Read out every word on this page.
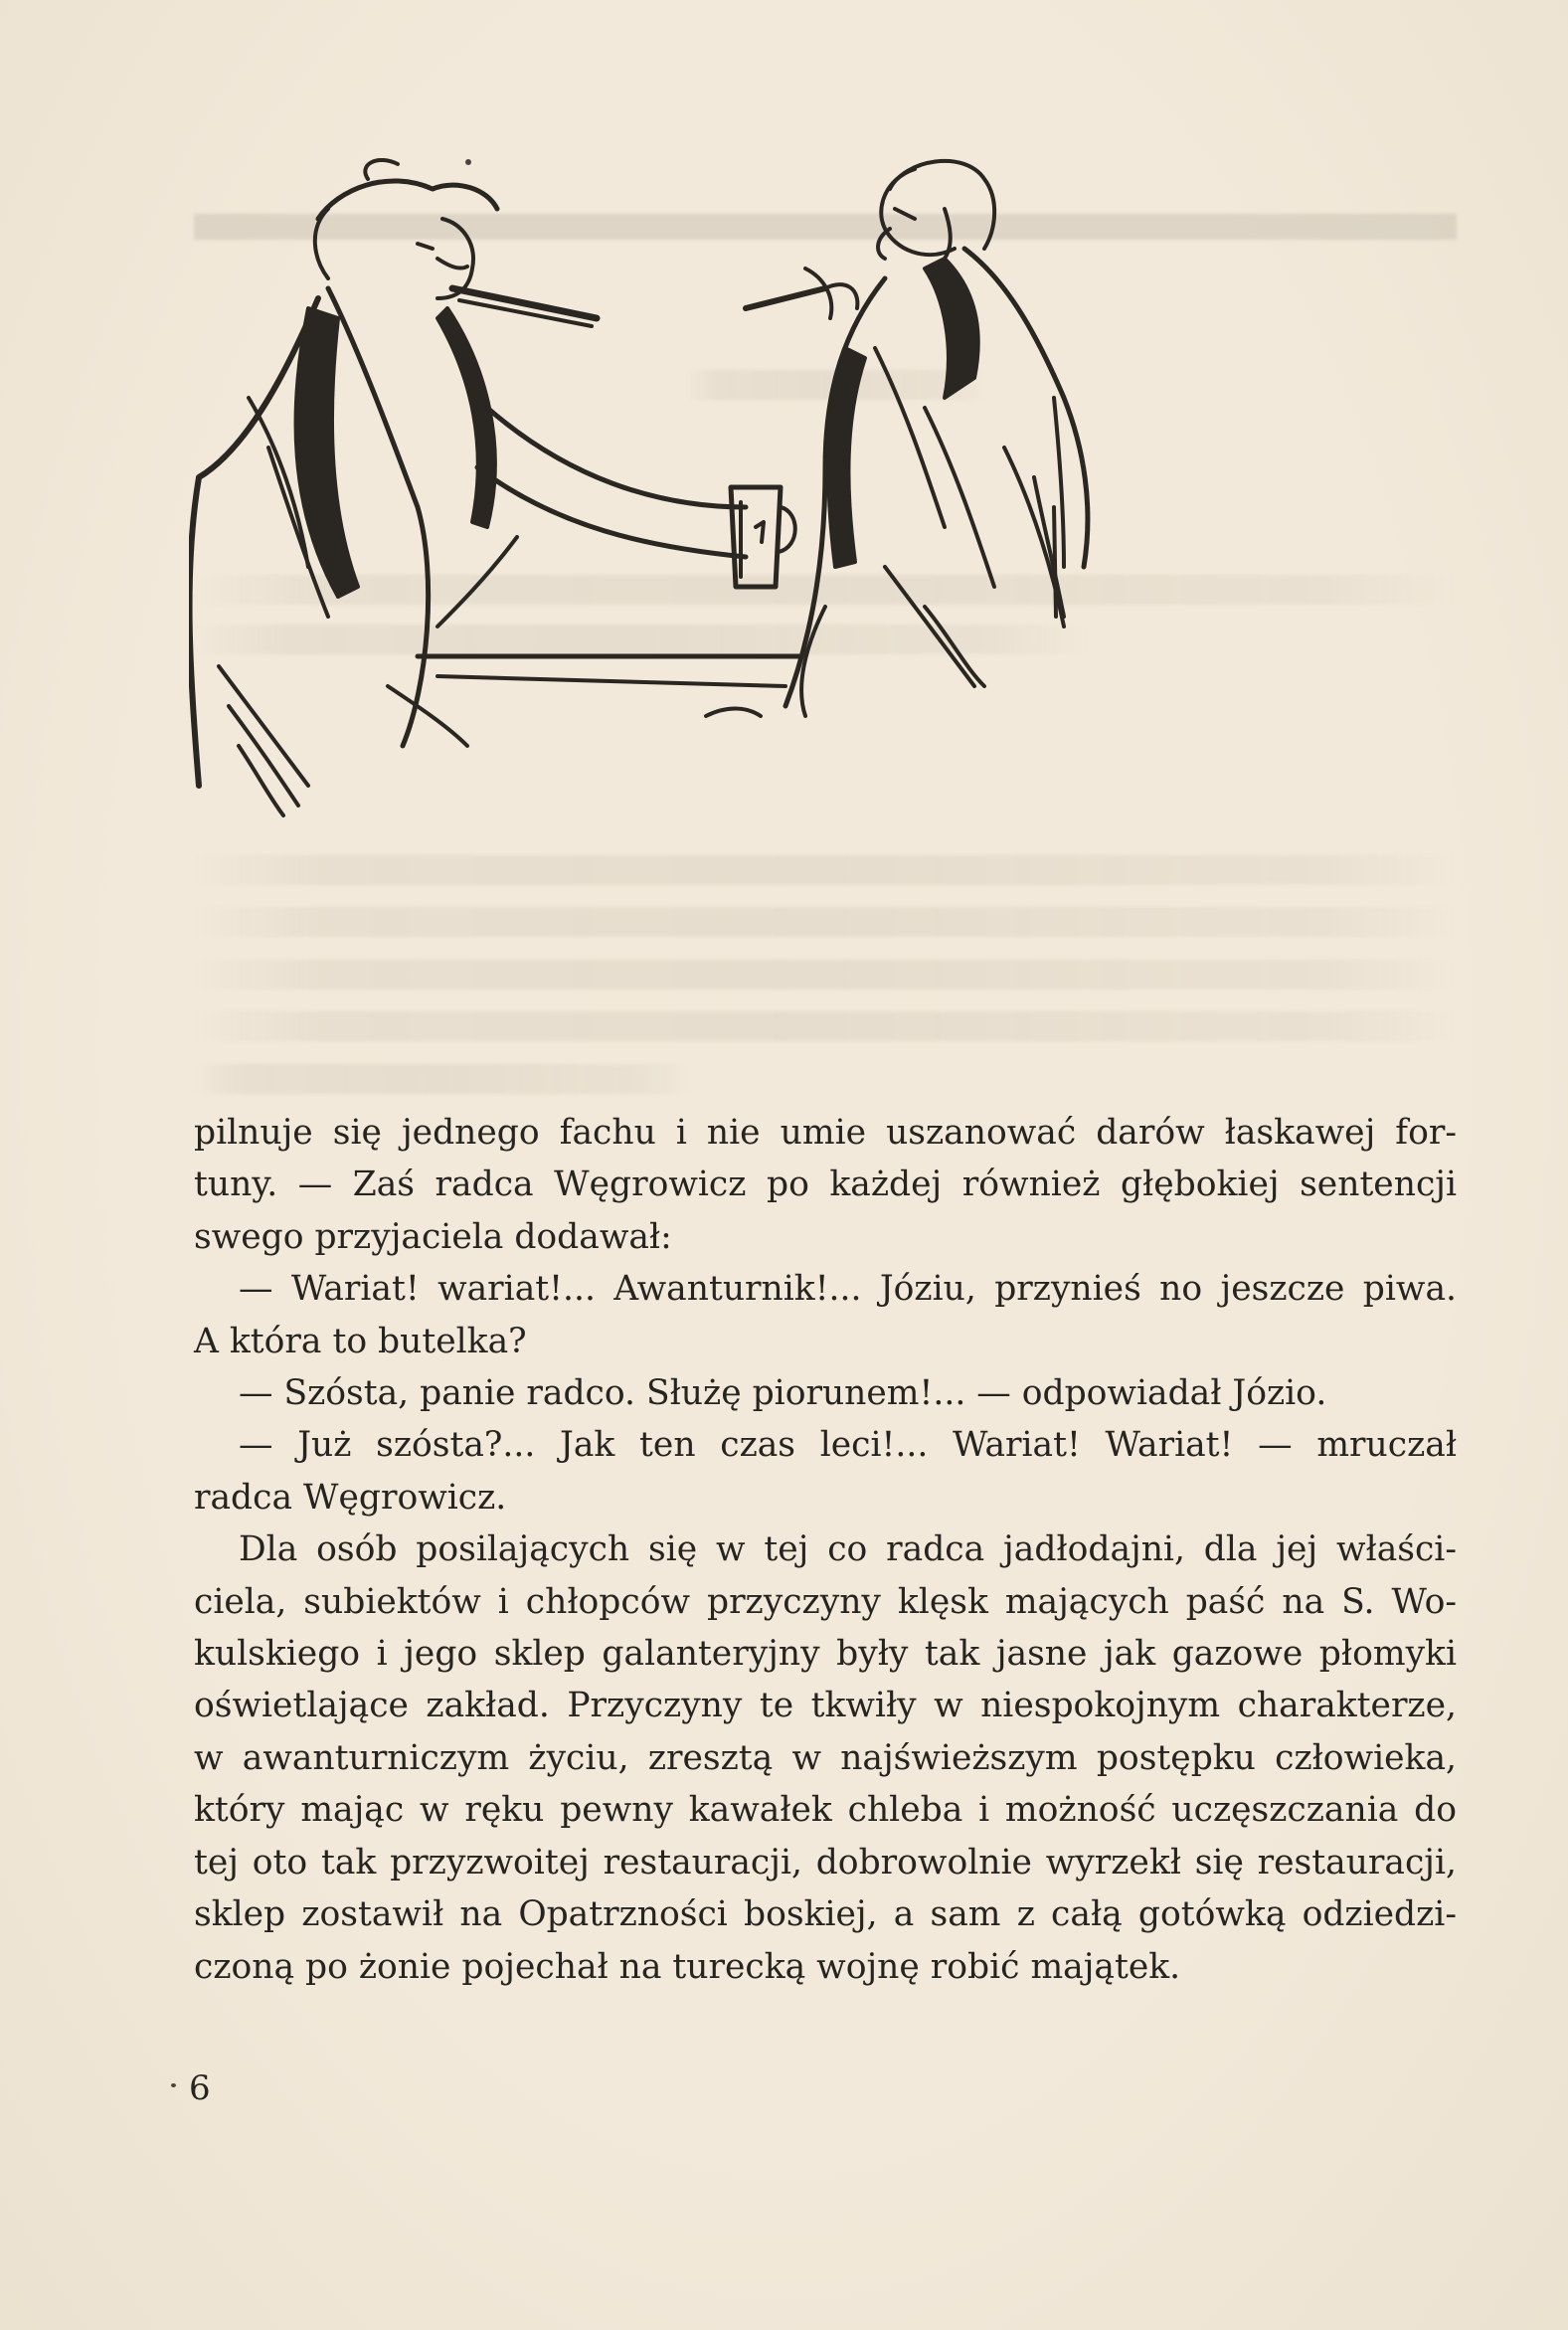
pilnuje się jednego fachu i nie umie uszanować darów łaskawej for-

tuny. — Zaś radca Węgrowicz po każdej również głębokiej sentencji

swego przyjaciela dodawał:

— Wariat! wariat!... Awanturnik!... Józiu, przynieś no jeszcze piwa.

A która to butelka?

— Szósta, panie radco. Służę piorunem!... — odpowiadał Józio.

— Już szósta?... Jak ten czas leci!... Wariat! Wariat! — mruczał

radca Węgrowicz.

Dla osób posilających się w tej co radca jadłodajni, dla jej właści-

ciela, subiektów i chłopców przyczyny klęsk mających paść na S. Wo-

kulskiego i jego sklep galanteryjny były tak jasne jak gazowe płomyki

oświetlające zakład. Przyczyny te tkwiły w niespokojnym charakterze,

w awanturniczym życiu, zresztą w najświeższym postępku człowieka,

który mając w ręku pewny kawałek chleba i możność uczęszczania do

tej oto tak przyzwoitej restauracji, dobrowolnie wyrzekł się restauracji,

sklep zostawił na Opatrzności boskiej, a sam z całą gotówką odziedzi-

czoną po żonie pojechał na turecką wojnę robić majątek.

6
